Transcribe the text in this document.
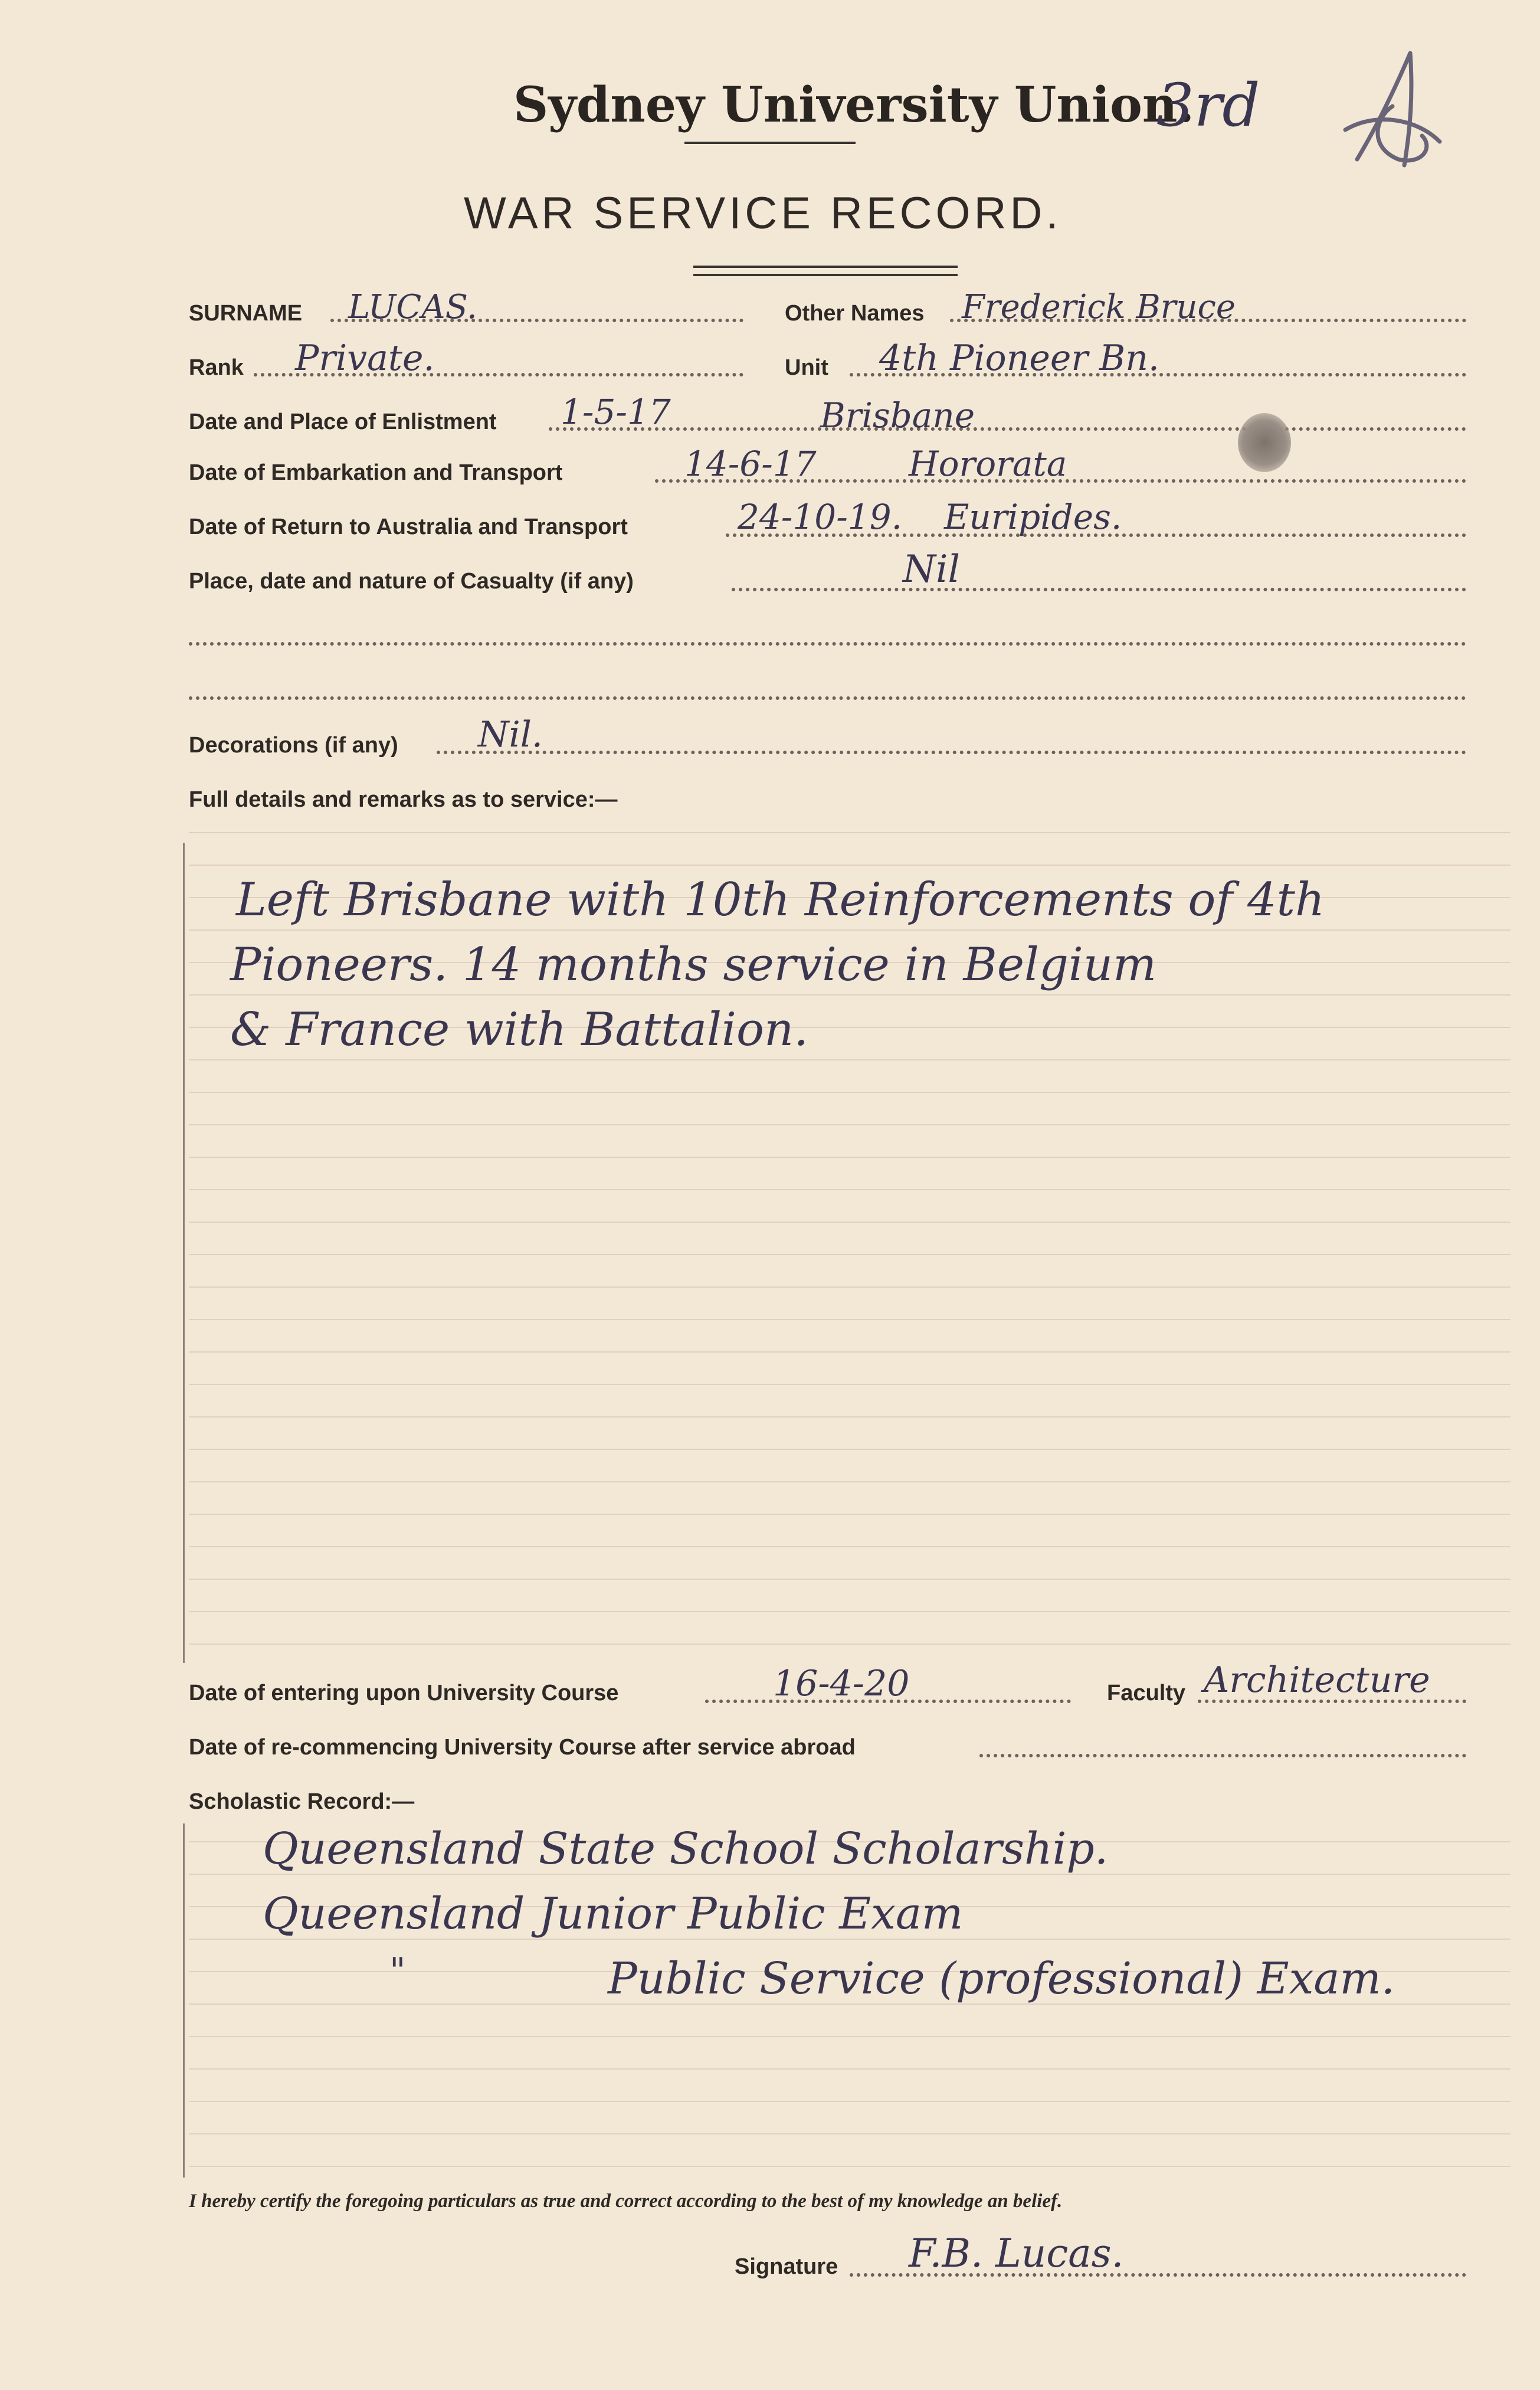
Sydney University Union.
3rd
WAR SERVICE RECORD.
SURNAME LUCAS.	Other Names Frederick Bruce
Rank Private.	Unit 4th Pioneer Bn.
Date and Place of Enlistment 1-5-17	Brisbane
Date of Embarkation and Transport	14-6-17	Hororata
Date of Return to Australia and Transport	24-10-19. Euripides.
Place, date and nature of Casualty (if any)	Nil
Decorations (if any) Nil.
Full details and remarks as to service:—
Left Brisbane with 10th Reinforcements of 4th
Pioneers. 14 months service in Belgium
& France with Battalion.
Date of entering upon University Course	16-4-20	Faculty Architecture
Date of re-commencing University Course after service abroad
Scholastic Record:—
Queensland State School Scholarship.
Queensland Junior Public Exam
"	Public Service (professional) Exam.
I hereby certify the foregoing particulars as true and correct according to the best of my knowledge an belief.
Signature F.B. Lucas.
